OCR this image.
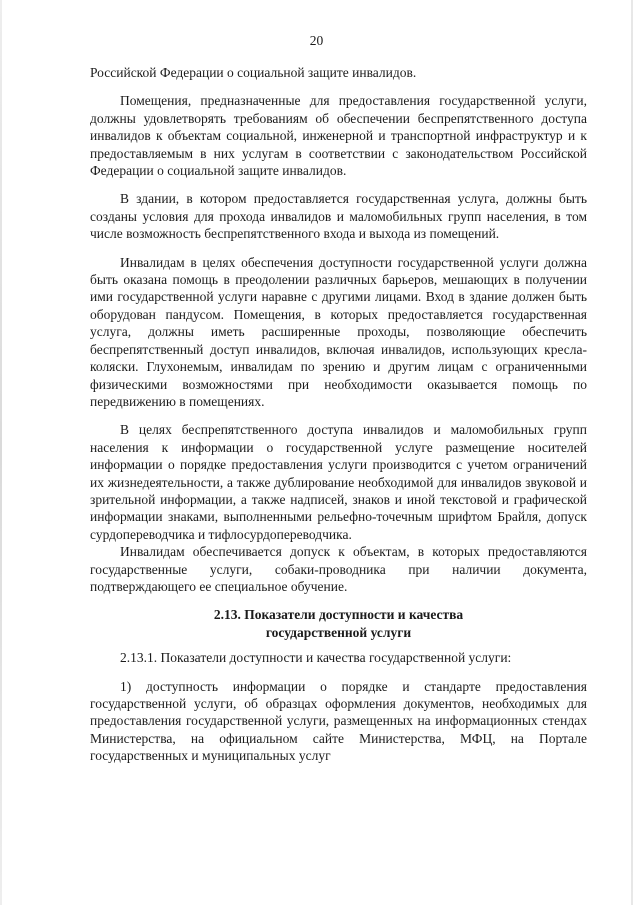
20

Российской Федерации о социальной защите инвалидов.

Помещения, предназначенные для предоставления государственной услуги, должны удовлетворять требованиям об обеспечении беспрепятственного доступа инвалидов к объектам социальной, инженерной и транспортной инфраструктур и к предоставляемым в них услугам в соответствии с законодательством Российской Федерации о социальной защите инвалидов.

В здании, в котором предоставляется государственная услуга, должны быть созданы условия для прохода инвалидов и маломобильных групп населения, в том числе возможность беспрепятственного входа и выхода из помещений.

Инвалидам в целях обеспечения доступности государственной услуги должна быть оказана помощь в преодолении различных барьеров, мешающих в получении ими государственной услуги наравне с другими лицами. Вход в здание должен быть оборудован пандусом. Помещения, в которых предоставляется государственная услуга, должны иметь расширенные проходы, позволяющие обеспечить беспрепятственный доступ инвалидов, включая инвалидов, использующих кресла-коляски. Глухонемым, инвалидам по зрению и другим лицам с ограниченными физическими возможностями при необходимости оказывается помощь по передвижению в помещениях.

В целях беспрепятственного доступа инвалидов и маломобильных групп населения к информации о государственной услуге размещение носителей информации о порядке предоставления услуги производится с учетом ограничений их жизнедеятельности, а также дублирование необходимой для инвалидов звуковой и зрительной информации, а также надписей, знаков и иной текстовой и графической информации знаками, выполненными рельефно-точечным шрифтом Брайля, допуск сурдопереводчика и тифлосурдопереводчика.

Инвалидам обеспечивается допуск к объектам, в которых предоставляются государственные услуги, собаки-проводника при наличии документа, подтверждающего ее специальное обучение.

2.13. Показатели доступности и качества
государственной услуги

2.13.1. Показатели доступности и качества государственной услуги:

1) доступность информации о порядке и стандарте предоставления государственной услуги, об образцах оформления документов, необходимых для предоставления государственной услуги, размещенных на информационных стендах Министерства, на официальном сайте Министерства, МФЦ, на Портале государственных и муниципальных услуг
